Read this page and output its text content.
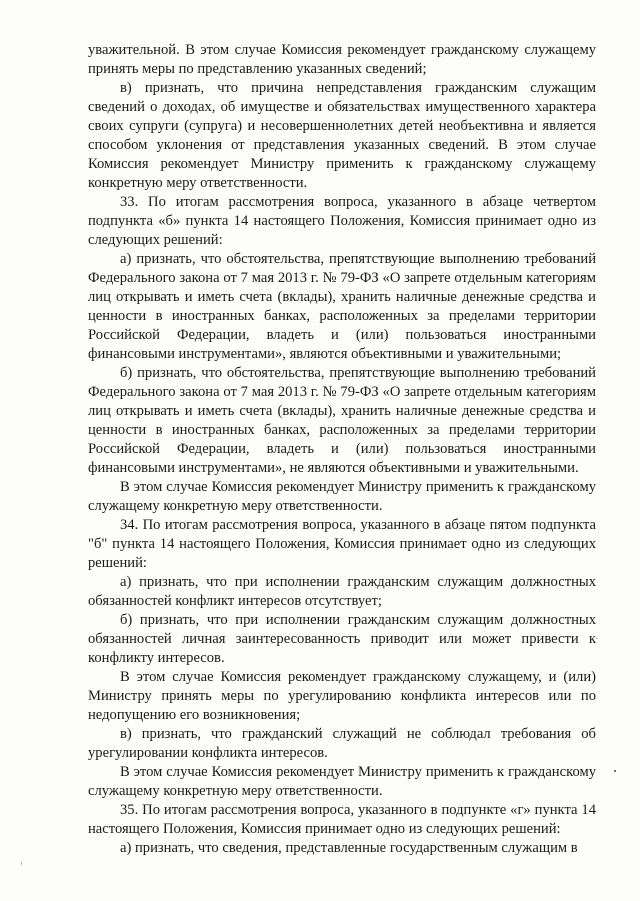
уважительной. В этом случае Комиссия рекомендует гражданскому служащему принять меры по представлению указанных сведений;

в) признать, что причина непредставления гражданским служащим сведений о доходах, об имуществе и обязательствах имущественного характера своих супруги (супруга) и несовершеннолетних детей необъективна и является способом уклонения от представления указанных сведений. В этом случае Комиссия рекомендует Министру применить к гражданскому служащему конкретную меру ответственности.

33. По итогам рассмотрения вопроса, указанного в абзаце четвертом подпункта «б» пункта 14 настоящего Положения, Комиссия принимает одно из следующих решений:

а) признать, что обстоятельства, препятствующие выполнению требований Федерального закона от 7 мая 2013 г. № 79-ФЗ «О запрете отдельным категориям лиц открывать и иметь счета (вклады), хранить наличные денежные средства и ценности в иностранных банках, расположенных за пределами территории Российской Федерации, владеть и (или) пользоваться иностранными финансовыми инструментами», являются объективными и уважительными;

б) признать, что обстоятельства, препятствующие выполнению требований Федерального закона от 7 мая 2013 г. № 79-ФЗ «О запрете отдельным категориям лиц открывать и иметь счета (вклады), хранить наличные денежные средства и ценности в иностранных банках, расположенных за пределами территории Российской Федерации, владеть и (или) пользоваться иностранными финансовыми инструментами», не являются объективными и уважительными.

В этом случае Комиссия рекомендует Министру применить к гражданскому служащему конкретную меру ответственности.

34. По итогам рассмотрения вопроса, указанного в абзаце пятом подпункта "б" пункта 14 настоящего Положения, Комиссия принимает одно из следующих решений:

а) признать, что при исполнении гражданским служащим должностных обязанностей конфликт интересов отсутствует;

б) признать, что при исполнении гражданским служащим должностных обязанностей личная заинтересованность приводит или может привести к конфликту интересов.

В этом случае Комиссия рекомендует гражданскому служащему, и (или) Министру принять меры по урегулированию конфликта интересов или по недопущению его возникновения;

в) признать, что гражданский служащий не соблюдал требования об урегулировании конфликта интересов.

В этом случае Комиссия рекомендует Министру применить к гражданскому служащему конкретную меру ответственности.

35. По итогам рассмотрения вопроса, указанного в подпункте «г» пункта 14 настоящего Положения, Комиссия принимает одно из следующих решений:

а) признать, что сведения, представленные государственным служащим в
